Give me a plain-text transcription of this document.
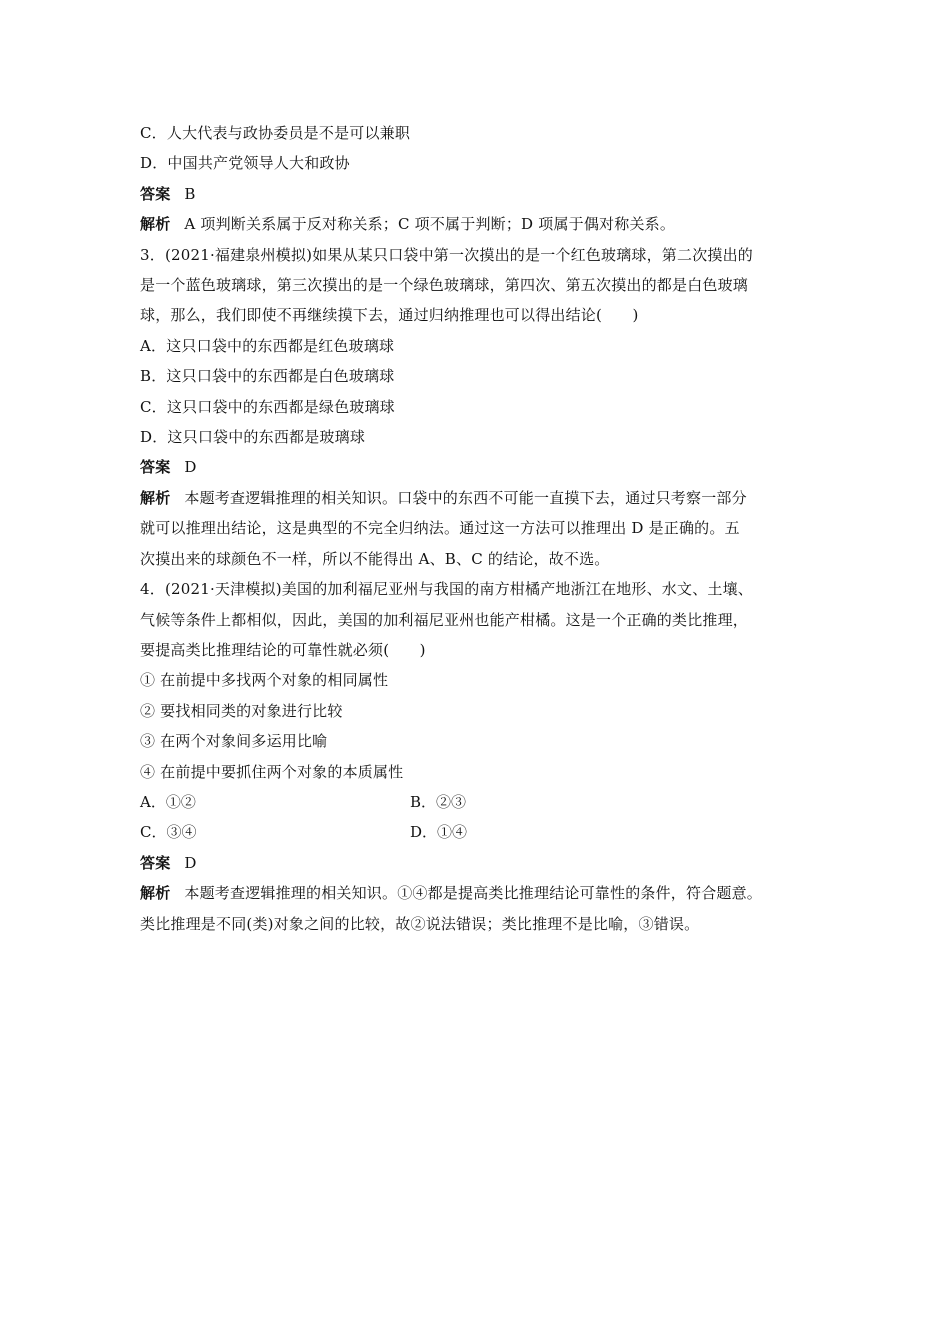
C．人大代表与政协委员是不是可以兼职
D．中国共产党领导人大和政协
答案 B
解析 A 项判断关系属于反对称关系；C 项不属于判断；D 项属于偶对称关系。
3．(2021·福建泉州模拟)如果从某只口袋中第一次摸出的是一个红色玻璃球，第二次摸出的
是一个蓝色玻璃球，第三次摸出的是一个绿色玻璃球，第四次、第五次摸出的都是白色玻璃
球，那么，我们即使不再继续摸下去，通过归纳推理也可以得出结论(　　)
A．这只口袋中的东西都是红色玻璃球
B．这只口袋中的东西都是白色玻璃球
C．这只口袋中的东西都是绿色玻璃球
D．这只口袋中的东西都是玻璃球
答案 D
解析 本题考查逻辑推理的相关知识。口袋中的东西不可能一直摸下去，通过只考察一部分
就可以推理出结论，这是典型的不完全归纳法。通过这一方法可以推理出 D 是正确的。五
次摸出来的球颜色不一样，所以不能得出 A、B、C 的结论，故不选。
4．(2021·天津模拟)美国的加利福尼亚州与我国的南方柑橘产地浙江在地形、水文、土壤、
气候等条件上都相似，因此，美国的加利福尼亚州也能产柑橘。这是一个正确的类比推理，
要提高类比推理结论的可靠性就必须(　　)
① 在前提中多找两个对象的相同属性
② 要找相同类的对象进行比较
③ 在两个对象间多运用比喻
④ 在前提中要抓住两个对象的本质属性
A．①②	B．②③
C．③④	D．①④
答案 D
解析 本题考查逻辑推理的相关知识。①④都是提高类比推理结论可靠性的条件，符合题意。
类比推理是不同(类)对象之间的比较，故②说法错误；类比推理不是比喻，③错误。
